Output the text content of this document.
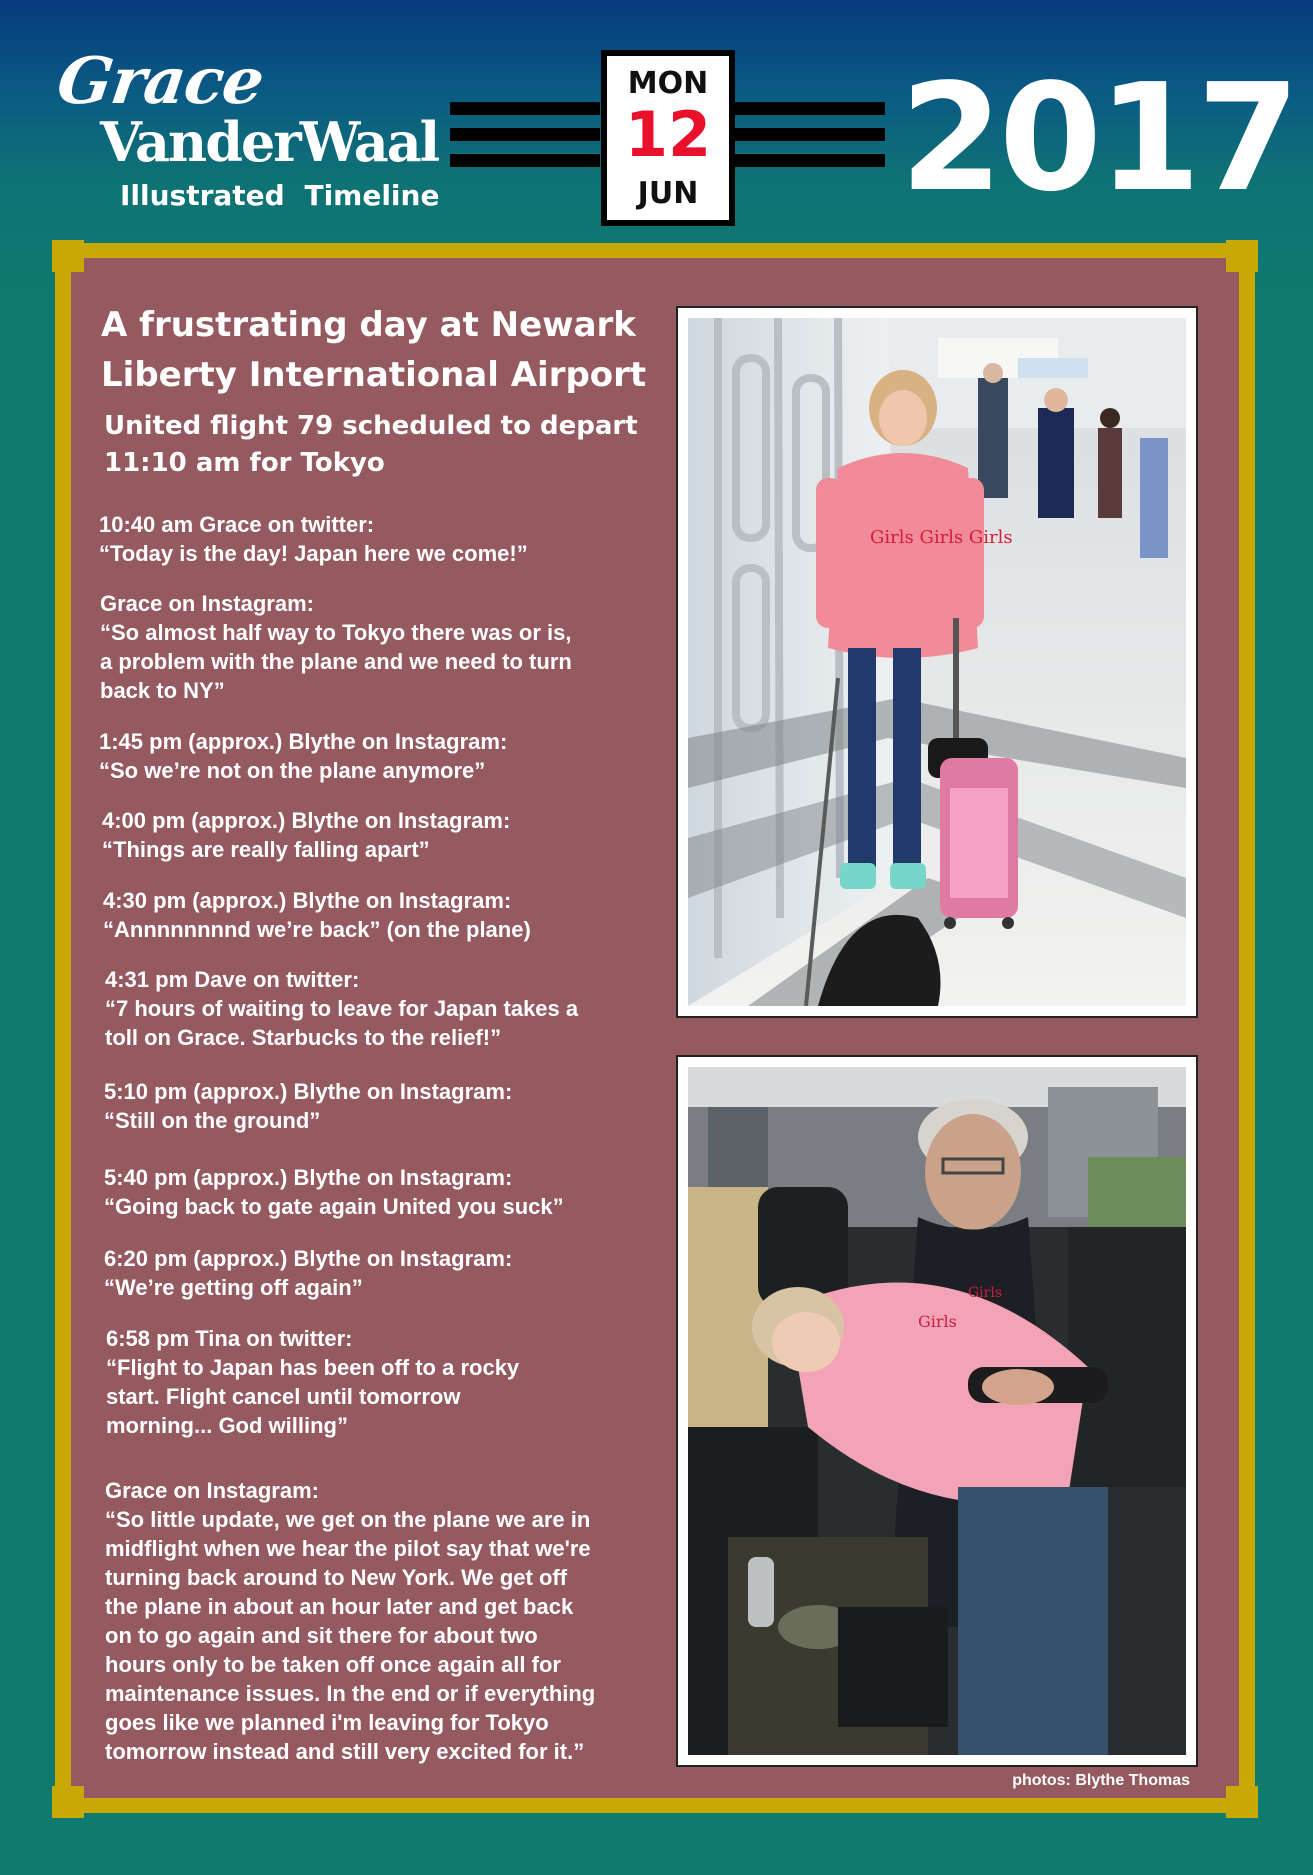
Grace
VanderWaal
Illustrated Timeline
MON
12
JUN 2017
A frustrating day at Newark Liberty International Airport
United flight 79 scheduled to depart 11:10 am for Tokyo
10:40 am Grace on twitter:
“Today is the day! Japan here we come!”
Grace on Instagram:
“So almost half way to Tokyo there was or is,
a problem with the plane and we need to turn
back to NY”
1:45 pm (approx.) Blythe on Instagram:
“So we’re not on the plane anymore”
4:00 pm (approx.) Blythe on Instagram:
“Things are really falling apart”
4:30 pm (approx.) Blythe on Instagram:
“Annnnnnnnd we’re back” (on the plane)
4:31 pm Dave on twitter:
“7 hours of waiting to leave for Japan takes a
toll on Grace. Starbucks to the relief!”
5:10 pm (approx.) Blythe on Instagram:
“Still on the ground”
5:40 pm (approx.) Blythe on Instagram:
“Going back to gate again United you suck”
6:20 pm (approx.) Blythe on Instagram:
“We’re getting off again”
6:58 pm Tina on twitter:
“Flight to Japan has been off to a rocky
start. Flight cancel until tomorrow
morning... God willing”
Grace on Instagram:
“So little update, we get on the plane we are in
midflight when we hear the pilot say that we're
turning back around to New York. We get off
the plane in about an hour later and get back
on to go again and sit there for about two
hours only to be taken off once again all for
maintenance issues. In the end or if everything
goes like we planned i'm leaving for Tokyo
tomorrow instead and still very excited for it.”
Girls Girls Girls
Girls
Girls
photos: Blythe Thomas
